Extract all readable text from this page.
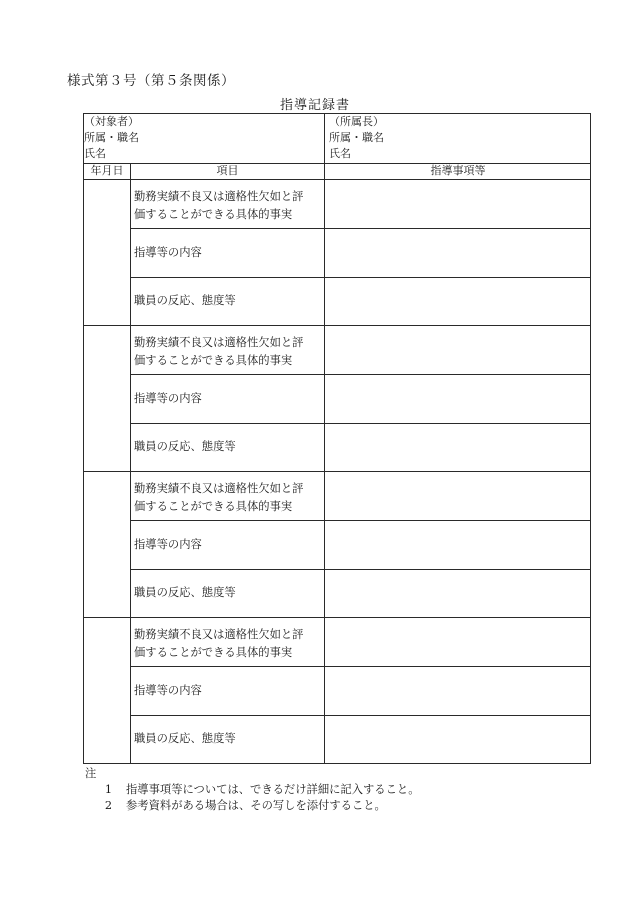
様式第３号（第５条関係）
指導記録書
（対象者）
所属・職名
氏名
（所属長）
所属・職名
氏名
年月日	項目	指導事項等
勤務実績不良又は適格性欠如と評
価することができる具体的事実
指導等の内容
職員の反応、態度等
勤務実績不良又は適格性欠如と評
価することができる具体的事実
指導等の内容
職員の反応、態度等
勤務実績不良又は適格性欠如と評
価することができる具体的事実
指導等の内容
職員の反応、態度等
勤務実績不良又は適格性欠如と評
価することができる具体的事実
指導等の内容
職員の反応、態度等
注
1 指導事項等については、できるだけ詳細に記入すること。
2 参考資料がある場合は、その写しを添付すること。
